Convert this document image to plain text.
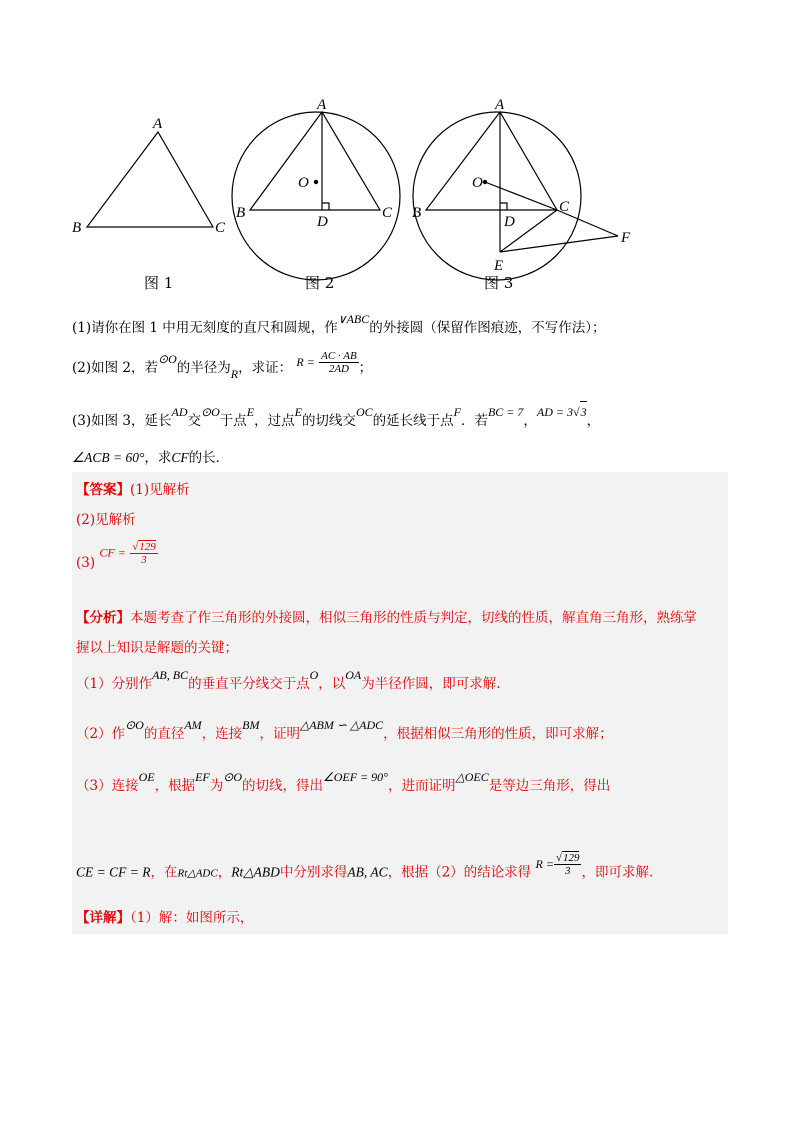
A
B	C
A
B	C
D
O
A
B	C
D
O
E
F
图 1	图 2	图 3
(1)请你在图 1 中用无刻度的直尺和圆规，作∨ABC的外接圆（保留作图痕迹，不写作法）；
(2)如图 2，若⊙O的半径为R，求证： $R = \frac{AC \cdot AB}{2AD}$ ；
(3)如图 3，延长AD交⊙O于点E，过点E的切线交OC的延长线于点F．若BC = 7，AD = 3√3，
∠ACB = 60°，求CF的长．
【答案】(1)见解析
(2)见解析
(3) CF = $\frac{√129}{3}$
【分析】本题考查了作三角形的外接圆，相似三角形的性质与判定，切线的性质，解直角三角形，熟练掌
握以上知识是解题的关键；
（1）分别作AB, BC的垂直平分线交于点O，以OA为半径作圆，即可求解.
（2）作⊙O的直径AM，连接BM，证明△ABM ∽ △ADC，根据相似三角形的性质，即可求解；
（3）连接OE，根据EF为⊙O的切线，得出∠OEF = 90°，进而证明△OEC是等边三角形，得出
CE = CF = R，在Rt△ADC，Rt△ABD中分别求得AB, AC，根据（2）的结论求得 $R = \frac{√129}{3}$ ，即可求解.
【详解】（1）解：如图所示，
